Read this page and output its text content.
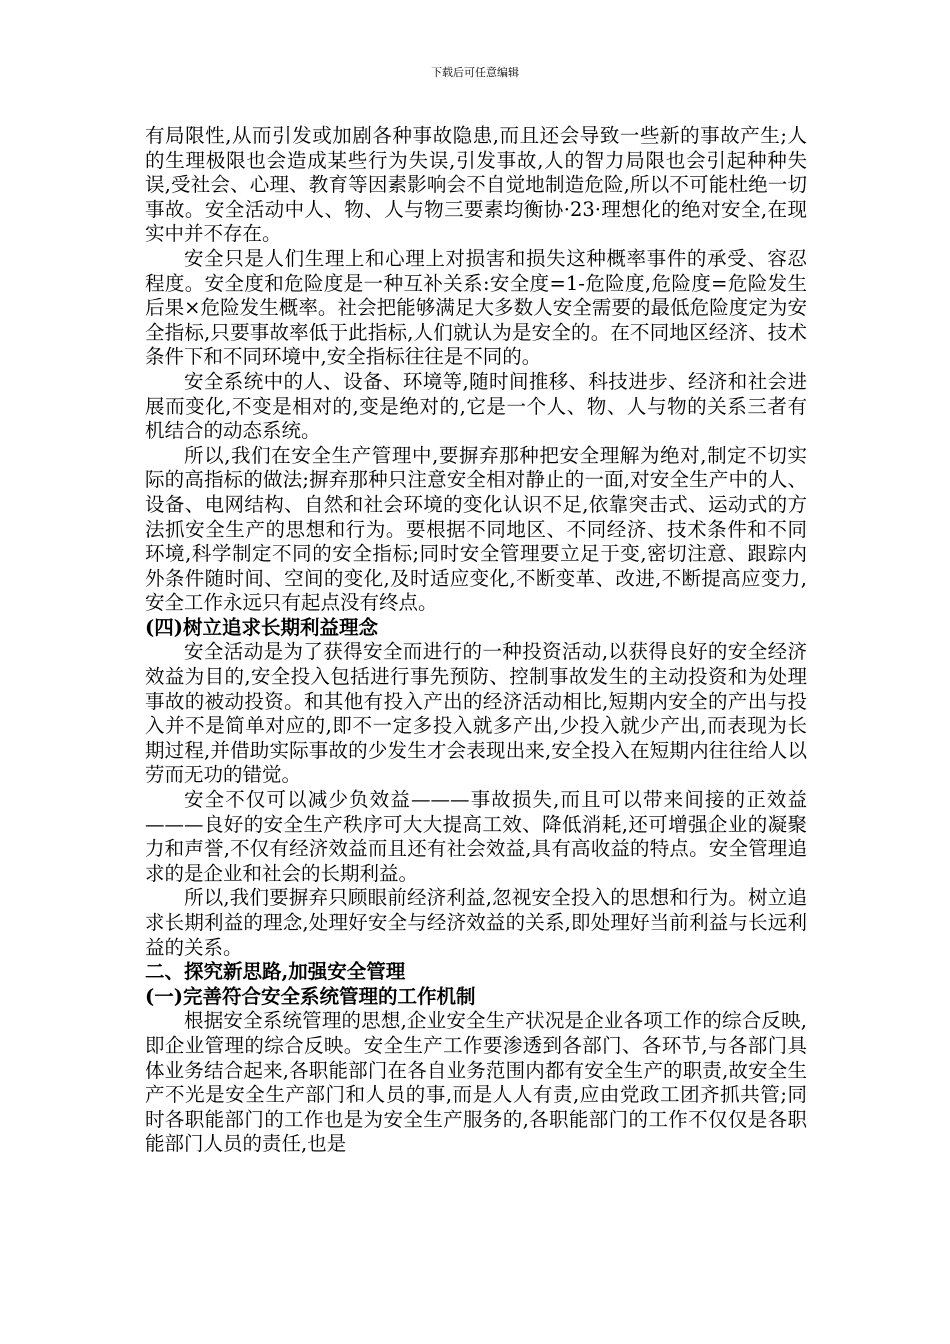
下载后可任意编辑

有局限性,从而引发或加剧各种事故隐患,而且还会导致一些新的事故产生;人的生理极限也会造成某些行为失误,引发事故,人的智力局限也会引起种种失误,受社会、心理、教育等因素影响会不自觉地制造危险,所以不可能杜绝一切事故。安全活动中人、物、人与物三要素均衡协·23·理想化的绝对安全,在现实中并不存在。

安全只是人们生理上和心理上对损害和损失这种概率事件的承受、容忍程度。安全度和危险度是一种互补关系:安全度=1-危险度,危险度=危险发生后果×危险发生概率。社会把能够满足大多数人安全需要的最低危险度定为安全指标,只要事故率低于此指标,人们就认为是安全的。在不同地区经济、技术条件下和不同环境中,安全指标往往是不同的。

安全系统中的人、设备、环境等,随时间推移、科技进步、经济和社会进展而变化,不变是相对的,变是绝对的,它是一个人、物、人与物的关系三者有机结合的动态系统。

所以,我们在安全生产管理中,要摒弃那种把安全理解为绝对,制定不切实际的高指标的做法;摒弃那种只注意安全相对静止的一面,对安全生产中的人、设备、电网结构、自然和社会环境的变化认识不足,依靠突击式、运动式的方法抓安全生产的思想和行为。要根据不同地区、不同经济、技术条件和不同环境,科学制定不同的安全指标;同时安全管理要立足于变,密切注意、跟踪内外条件随时间、空间的变化,及时适应变化,不断变革、改进,不断提高应变力,安全工作永远只有起点没有终点。

(四)树立追求长期利益理念

安全活动是为了获得安全而进行的一种投资活动,以获得良好的安全经济效益为目的,安全投入包括进行事先预防、控制事故发生的主动投资和为处理事故的被动投资。和其他有投入产出的经济活动相比,短期内安全的产出与投入并不是简单对应的,即不一定多投入就多产出,少投入就少产出,而表现为长期过程,并借助实际事故的少发生才会表现出来,安全投入在短期内往往给人以劳而无功的错觉。

安全不仅可以减少负效益———事故损失,而且可以带来间接的正效益———良好的安全生产秩序可大大提高工效、降低消耗,还可增强企业的凝聚力和声誉,不仅有经济效益而且还有社会效益,具有高收益的特点。安全管理追求的是企业和社会的长期利益。

所以,我们要摒弃只顾眼前经济利益,忽视安全投入的思想和行为。树立追求长期利益的理念,处理好安全与经济效益的关系,即处理好当前利益与长远利益的关系。

二、探究新思路,加强安全管理
(一)完善符合安全系统管理的工作机制

根据安全系统管理的思想,企业安全生产状况是企业各项工作的综合反映,即企业管理的综合反映。安全生产工作要渗透到各部门、各环节,与各部门具体业务结合起来,各职能部门在各自业务范围内都有安全生产的职责,故安全生产不光是安全生产部门和人员的事,而是人人有责,应由党政工团齐抓共管;同时各职能部门的工作也是为安全生产服务的,各职能部门的工作不仅仅是各职能部门人员的责任,也是
